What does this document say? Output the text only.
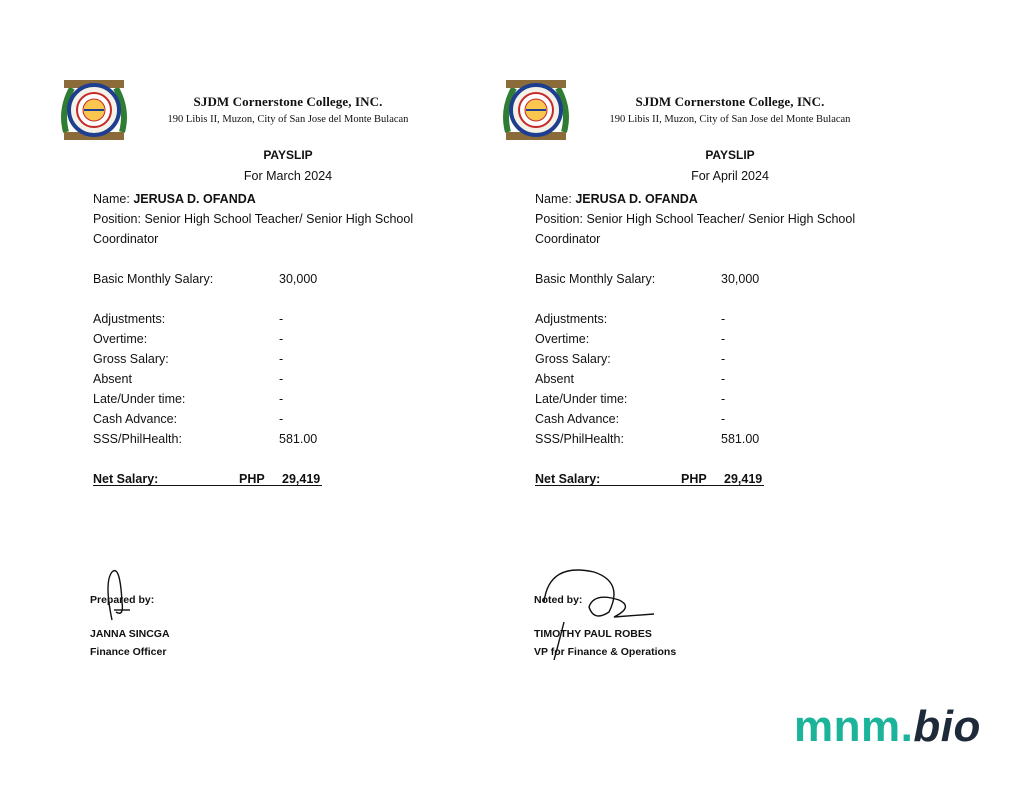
SJDM Cornerstone College, INC.
190 Libis II, Muzon, City of San Jose del Monte Bulacan
PAYSLIP
For March 2024
Name: JERUSA D. OFANDA
Position: Senior High School Teacher/ Senior High School Coordinator
Basic Monthly Salary:	30,000
Adjustments:	-
Overtime:	-
Gross Salary:	-
Absent	-
Late/Under time:	-
Cash Advance:	-
SSS/PhilHealth:	581.00
Net Salary:	PHP 29,419
Prepared by:
JANNA SINCGA
Finance Officer
SJDM Cornerstone College, INC.
190 Libis II, Muzon, City of San Jose del Monte Bulacan
PAYSLIP
For April 2024
Name: JERUSA D. OFANDA
Position: Senior High School Teacher/ Senior High School Coordinator
Basic Monthly Salary:	30,000
Adjustments:	-
Overtime:	-
Gross Salary:	-
Absent	-
Late/Under time:	-
Cash Advance:	-
SSS/PhilHealth:	581.00
Net Salary:	PHP 29,419
Noted by:
TIMOTHY PAUL ROBES
VP for Finance & Operations
mnm.bio
